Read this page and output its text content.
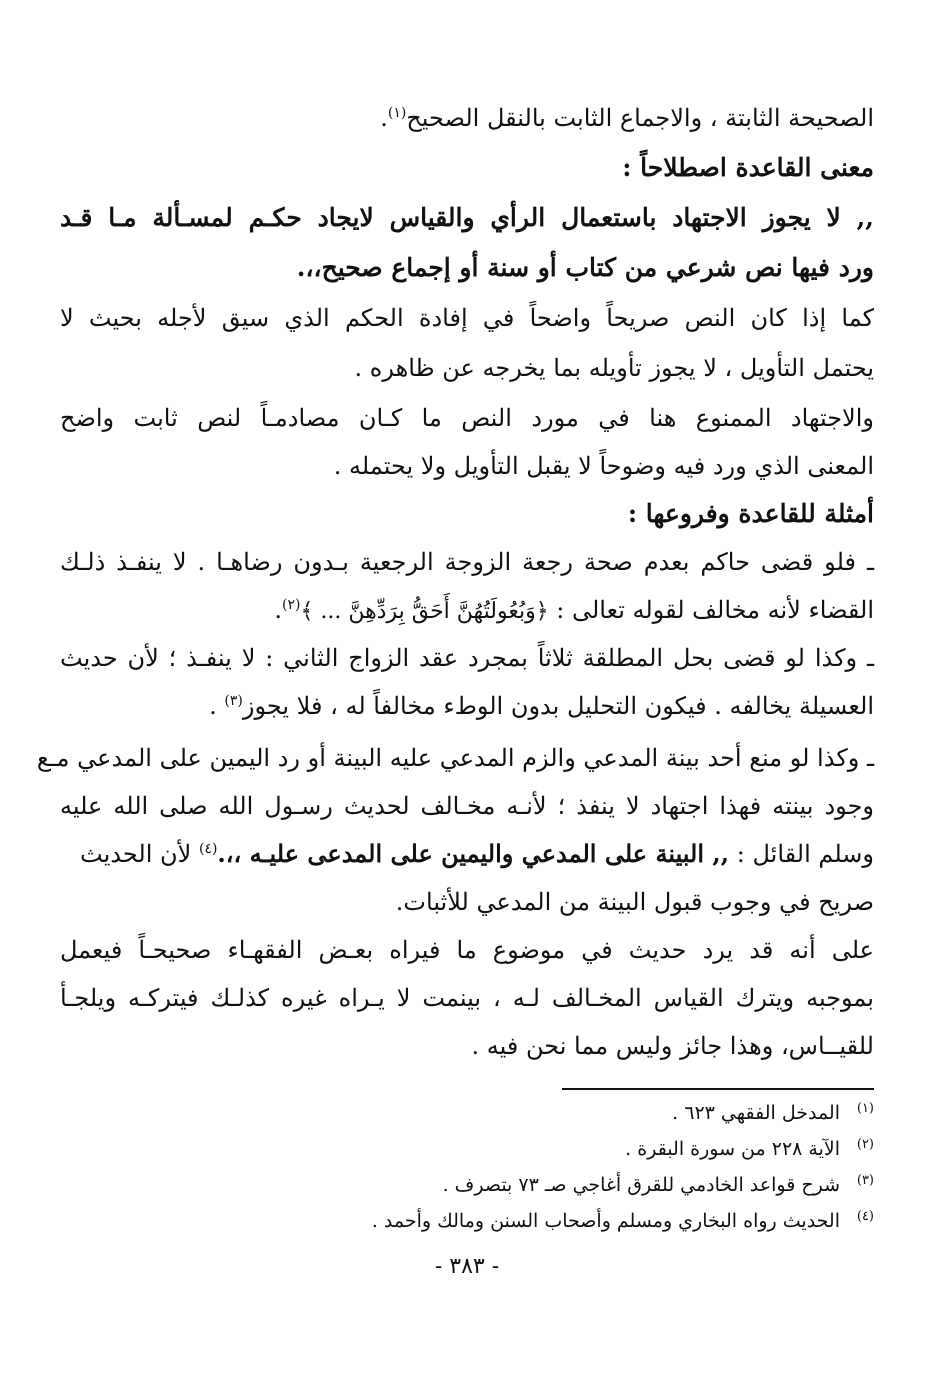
الصحيحة الثابتة ، والاجماع الثابت بالنقل الصحيح$^{(١)}$.
معنى القاعدة اصطلاحاً :
,, لا يجوز الاجتهاد باستعمال الرأي والقياس لايجاد حكـم لمسـألة مـا قـد
ورد فيها نص شرعي من كتاب أو سنة أو إجماع صحيح،،.
كما إذا كان النص صريحاً واضحاً في إفادة الحكم الذي سيق لأجله بحيث لا
يحتمل التأويل ، لا يجوز تأويله بما يخرجه عن ظاهره .
والاجتهاد الممنوع هنا في مورد النص ما كـان مصادمـاً لنص ثابت واضح
المعنى الذي ورد فيه وضوحاً لا يقبل التأويل ولا يحتمله .
أمثلة للقاعدة وفروعها :
ـ فلو قضى حاكم بعدم صحة رجعة الزوجة الرجعية بـدون رضاهـا . لا ينفـذ ذلـك
القضاء لأنه مخالف لقوله تعالى : ﴿وَبُعُولَتُهُنَّ أَحَقُّ بِرَدِّهِنَّ ... ﴾$^{(٢)}$.
ـ وكذا لو قضى بحل المطلقة ثلاثاً بمجرد عقد الزواج الثاني : لا ينفـذ ؛ لأن حديث
العسيلة يخالفه . فيكون التحليل بدون الوطء مخالفاً له ، فلا يجوز$^{(٣)}$ .
ـ وكذا لو منع أحد بينة المدعي والزم المدعي عليه البينة أو رد اليمين على المدعي مـع
وجود بينته فهذا اجتهاد لا ينفذ ؛ لأنـه مخـالف لحديث رسـول الله صلى الله عليه
وسلم القائل : ,, البينة على المدعي واليمين على المدعى عليـه ،،.$^{(٤)}$ لأن الحديث
صريح في وجوب قبول البينة من المدعي للأثبات.
على أنه قد يرد حديث في موضوع ما فيراه بعـض الفقهـاء صحيحـاً فيعمل
بموجبه ويترك القياس المخـالف لـه ، بينمت لا يـراه غيره كذلـك فيتركـه ويلجـأ
للقيــاس، وهذا جائز وليس مما نحن فيه .
(١)المدخل الفقهي ٦٢٣ .
(٢)الآية ٢٢٨ من سورة البقرة .
(٣)شرح قواعد الخادمي للقرق أغاجي صـ ٧٣ بتصرف .
(٤)الحديث رواه البخاري ومسلم وأصحاب السنن ومالك وأحمد .
- ٣٨٣ -
